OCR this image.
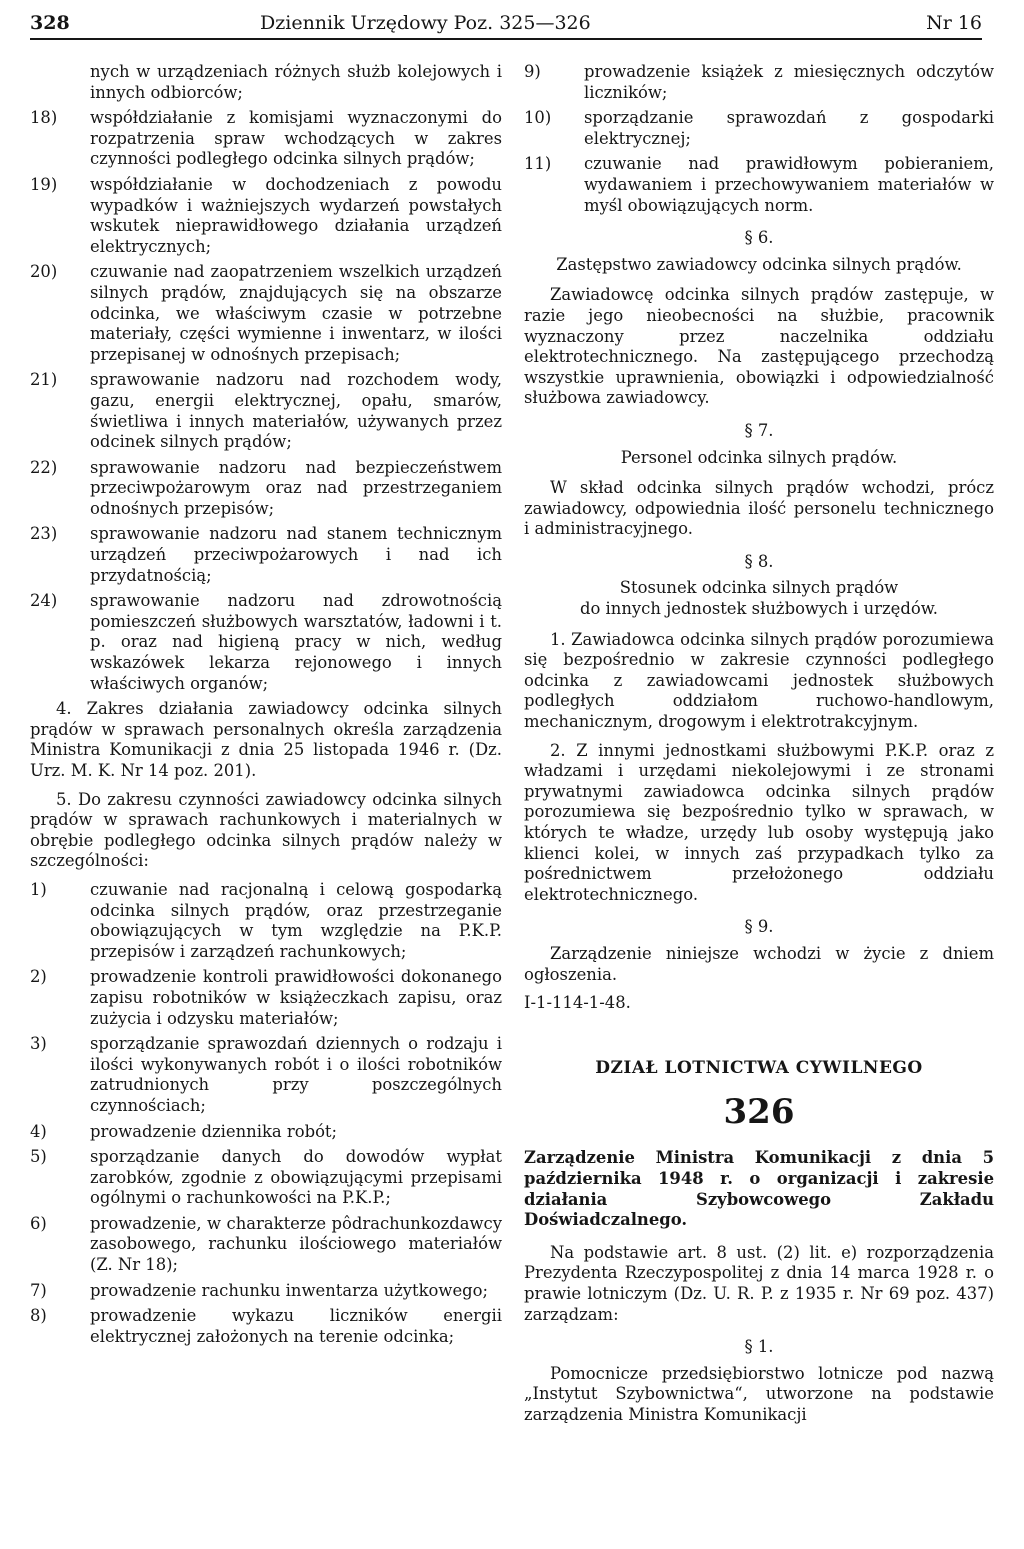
328	Dziennik Urzędowy Poz. 325—326	Nr 16

nych w urządzeniach różnych służb kolejowych i innych odbiorców;

18)	współdziałanie z komisjami wyznaczonymi do rozpatrzenia spraw wchodzących w zakres czynności podległego odcinka silnych prądów;
19)	współdziałanie w dochodzeniach z powodu wypadków i ważniejszych wydarzeń powstałych wskutek nieprawidłowego działania urządzeń elektrycznych;
20)	czuwanie nad zaopatrzeniem wszelkich urządzeń silnych prądów, znajdujących się na obszarze odcinka, we właściwym czasie w potrzebne materiały, części wymienne i inwentarz, w ilości przepisanej w odnośnych przepisach;
21)	sprawowanie nadzoru nad rozchodem wody, gazu, energii elektrycznej, opału, smarów, świetliwa i innych materiałów, używanych przez odcinek silnych prądów;
22)	sprawowanie nadzoru nad bezpieczeństwem przeciwpożarowym oraz nad przestrzeganiem odnośnych przepisów;
23)	sprawowanie nadzoru nad stanem technicznym urządzeń przeciwpożarowych i nad ich przydatnością;
24)	sprawowanie nadzoru nad zdrowotnością pomieszczeń służbowych warsztatów, ładowni i t. p. oraz nad higieną pracy w nich, według wskazówek lekarza rejonowego i innych właściwych organów;

4. Zakres działania zawiadowcy odcinka silnych prądów w sprawach personalnych określa zarządzenia Ministra Komunikacji z dnia 25 listopada 1946 r. (Dz. Urz. M. K. Nr 14 poz. 201).

5. Do zakresu czynności zawiadowcy odcinka silnych prądów w sprawach rachunkowych i materialnych w obrębie podległego odcinka silnych prądów należy w szczególności:

1)	czuwanie nad racjonalną i celową gospodarką odcinka silnych prądów, oraz przestrzeganie obowiązujących w tym względzie na P.K.P. przepisów i zarządzeń rachunkowych;
2)	prowadzenie kontroli prawidłowości dokonanego zapisu robotników w książeczkach zapisu, oraz zużycia i odzysku materiałów;
3)	sporządzanie sprawozdań dziennych o rodzaju i ilości wykonywanych robót i o ilości robotników zatrudnionych przy poszczególnych czynnościach;
4)	prowadzenie dziennika robót;
5)	sporządzanie danych do dowodów wypłat zarobków, zgodnie z obowiązującymi przepisami ogólnymi o rachunkowości na P.K.P.;
6)	prowadzenie, w charakterze pôdrachunkozdawcy zasobowego, rachunku ilościowego materiałów (Z. Nr 18);
7)	prowadzenie rachunku inwentarza użytkowego;
8)	prowadzenie wykazu liczników energii elektrycznej założonych na terenie odcinka;
9)	prowadzenie książek z miesięcznych odczytów liczników;
10)	sporządzanie sprawozdań z gospodarki elektrycznej;
11)	czuwanie nad prawidłowym pobieraniem, wydawaniem i przechowywaniem materiałów w myśl obowiązujących norm.
§ 6.
Zastępstwo zawiadowcy odcinka silnych prądów.

Zawiadowcę odcinka silnych prądów zastępuje, w razie jego nieobecności na służbie, pracownik wyznaczony przez naczelnika oddziału elektrotechnicznego. Na zastępującego przechodzą wszystkie uprawnienia, obowiązki i odpowiedzialność służbowa zawiadowcy.

§ 7.
Personel odcinka silnych prądów.

W skład odcinka silnych prądów wchodzi, prócz zawiadowcy, odpowiednia ilość personelu technicznego i administracyjnego.

§ 8.
Stosunek odcinka silnych prądów
do innych jednostek służbowych i urzędów.

1. Zawiadowca odcinka silnych prądów porozumiewa się bezpośrednio w zakresie czynności podległego odcinka z zawiadowcami jednostek służbowych podległych oddziałom ruchowo-handlowym, mechanicznym, drogowym i elektrotrakcyjnym.

2. Z innymi jednostkami służbowymi P.K.P. oraz z władzami i urzędami niekolejowymi i ze stronami prywatnymi zawiadowca odcinka silnych prądów porozumiewa się bezpośrednio tylko w sprawach, w których te władze, urzędy lub osoby występują jako klienci kolei, w innych zaś przypadkach tylko za pośrednictwem przełożonego oddziału elektrotechnicznego.

§ 9.

Zarządzenie niniejsze wchodzi w życie z dniem ogłoszenia.

I-1-114-1-48.

DZIAŁ LOTNICTWA CYWILNEGO
326

Zarządzenie Ministra Komunikacji z dnia 5 października 1948 r. o organizacji i zakresie działania Szybowcowego Zakładu Doświadczalnego.

Na podstawie art. 8 ust. (2) lit. e) rozporządzenia Prezydenta Rzeczypospolitej z dnia 14 marca 1928 r. o prawie lotniczym (Dz. U. R. P. z 1935 r. Nr 69 poz. 437) zarządzam:

§ 1.

Pomocnicze przedsiębiorstwo lotnicze pod nazwą „Instytut Szybownictwa“, utworzone na podstawie zarządzenia Ministra Komunikacji
